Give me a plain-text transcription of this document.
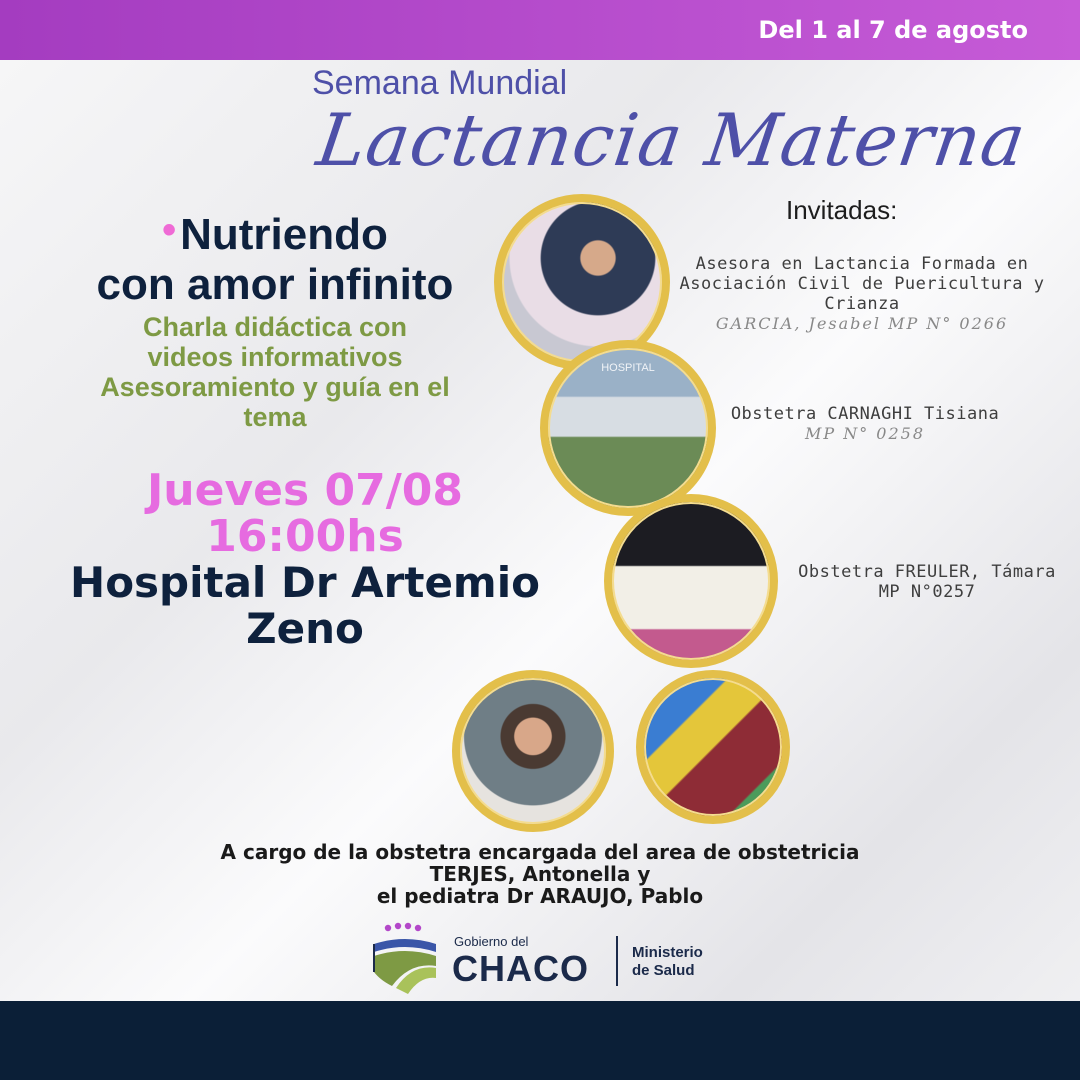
Del 1 al 7 de agosto
Semana Mundial
Lactancia Materna
•Nutriendo
con amor infinito
Charla didáctica con
videos informativos
Asesoramiento y guía en el
tema
Jueves 07/08
16:00hs
Hospital Dr Artemio
Zeno
Invitadas:
Asesora en Lactancia Formada en
Asociación Civil de Puericultura y Crianza
GARCIA, Jesabel MP N° 0266
Obstetra CARNAGHI Tisiana
MP N° 0258
Obstetra FREULER, Támara
MP N°0257
HOSPITAL
A cargo de la obstetra encargada del area de obstetricia
TERJES, Antonella y
el pediatra Dr ARAUJO, Pablo
Gobierno del
CHACO	Ministerio
de Salud
